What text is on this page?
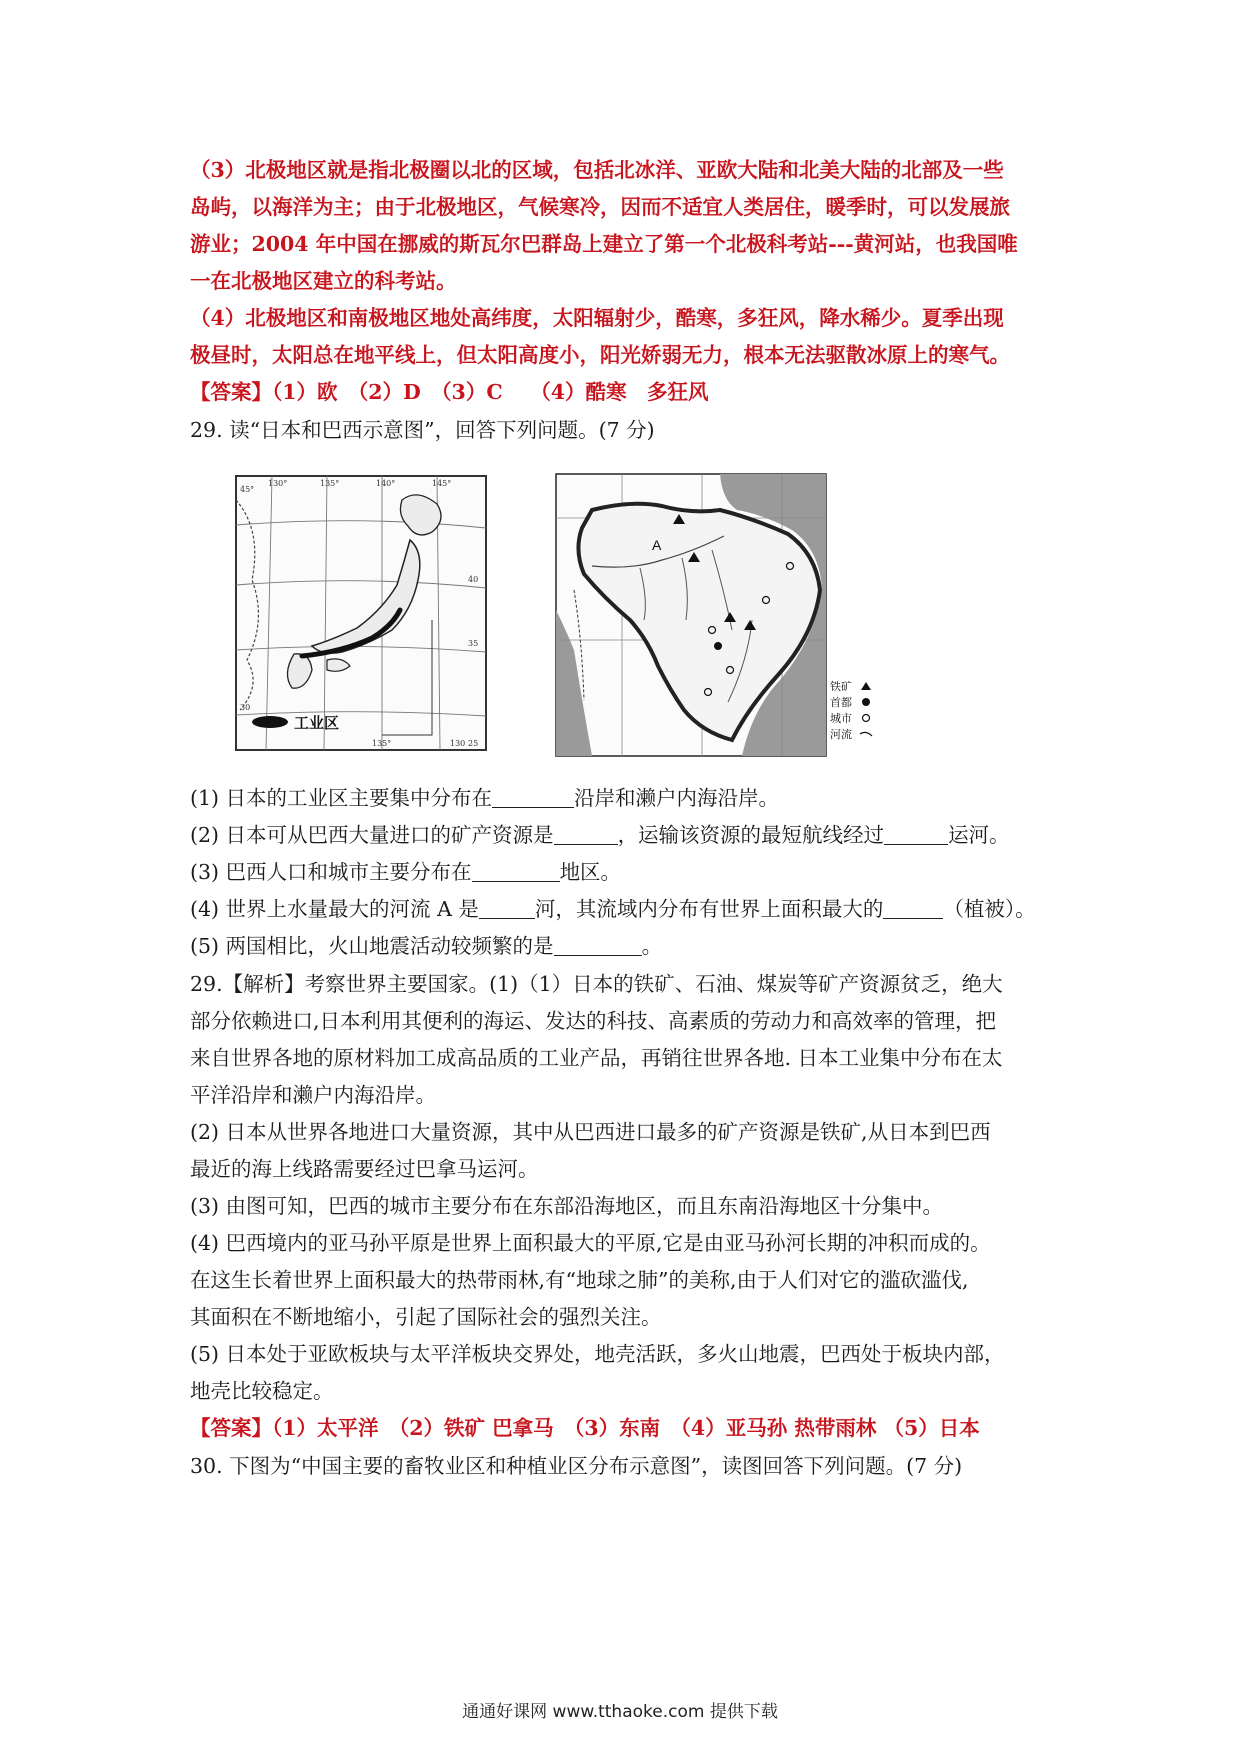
（3）北极地区就是指北极圈以北的区域，包括北冰洋、亚欧大陆和北美大陆的北部及一些
岛屿，以海洋为主；由于北极地区，气候寒冷，因而不适宜人类居住，暖季时，可以发展旅
游业；2004 年中国在挪威的斯瓦尔巴群岛上建立了第一个北极科考站---黄河站，也我国唯
一在北极地区建立的科考站。
（4）北极地区和南极地区地处高纬度，太阳辐射少，酷寒，多狂风，降水稀少。夏季出现
极昼时，太阳总在地平线上，但太阳高度小，阳光娇弱无力，根本无法驱散冰原上的寒气。
【答案】（1）欧　（2）D　（3）C　 （4）酷寒　多狂风
29. 读“日本和巴西示意图”，回答下列问题。(7 分)
45°
130°	135°	140°	145°
40
35
30
25
135°	130
工业区
A
铁矿
首都
城市
河流
(1) 日本的工业区主要集中分布在	沿岸和濑户内海沿岸。
(2) 日本可从巴西大量进口的矿产资源是	，运输该资源的最短航线经过	运河。
(3) 巴西人口和城市主要分布在	地区。
(4) 世界上水量最大的河流 A 是	河，其流域内分布有世界上面积最大的	（植被）。
(5) 两国相比，火山地震活动较频繁的是	。
29.【解析】考察世界主要国家。(1)（1）日本的铁矿、石油、煤炭等矿产资源贫乏，绝大
部分依赖进口,日本利用其便利的海运、发达的科技、高素质的劳动力和高效率的管理，把
来自世界各地的原材料加工成高品质的工业产品，再销往世界各地. 日本工业集中分布在太
平洋沿岸和濑户内海沿岸。
(2) 日本从世界各地进口大量资源，其中从巴西进口最多的矿产资源是铁矿,从日本到巴西
最近的海上线路需要经过巴拿马运河。
(3) 由图可知，巴西的城市主要分布在东部沿海地区，而且东南沿海地区十分集中。
(4) 巴西境内的亚马孙平原是世界上面积最大的平原,它是由亚马孙河长期的冲积而成的。
在这生长着世界上面积最大的热带雨林,有“地球之肺”的美称,由于人们对它的滥砍滥伐,
其面积在不断地缩小，引起了国际社会的强烈关注。
(5) 日本处于亚欧板块与太平洋板块交界处，地壳活跃，多火山地震，巴西处于板块内部，
地壳比较稳定。
【答案】（1）太平洋　（2）铁矿 巴拿马　（3）东南　（4）亚马孙 热带雨林 （5）日本
30. 下图为“中国主要的畜牧业区和种植业区分布示意图”，读图回答下列问题。(7 分)
通通好课网 www.tthaoke.com 提供下载
